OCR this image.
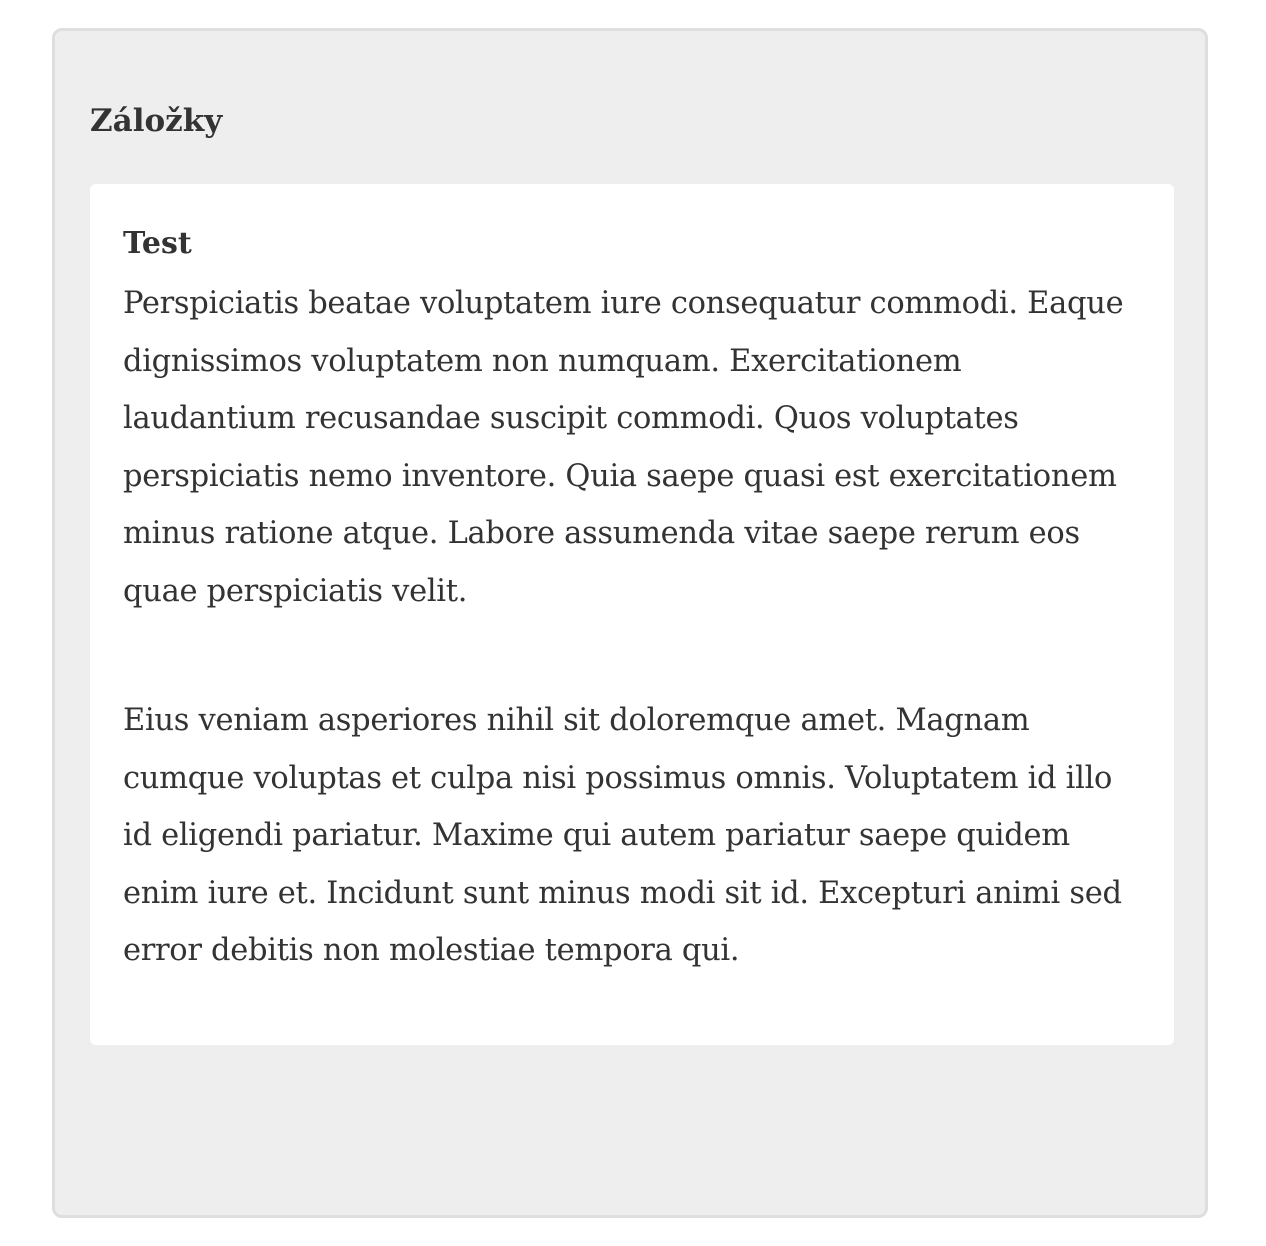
Záložky
Test

Perspiciatis beatae voluptatem iure consequatur commodi. Eaque dignissimos voluptatem non numquam. Exercitationem laudantium recusandae suscipit commodi. Quos voluptates perspiciatis nemo inventore. Quia saepe quasi est exercitationem minus ratione atque. Labore assumenda vitae saepe rerum eos quae perspiciatis velit.

Eius veniam asperiores nihil sit doloremque amet. Magnam cumque voluptas et culpa nisi possimus omnis. Voluptatem id illo id eligendi pariatur. Maxime qui autem pariatur saepe quidem enim iure et. Incidunt sunt minus modi sit id. Excepturi animi sed error debitis non molestiae tempora qui.
